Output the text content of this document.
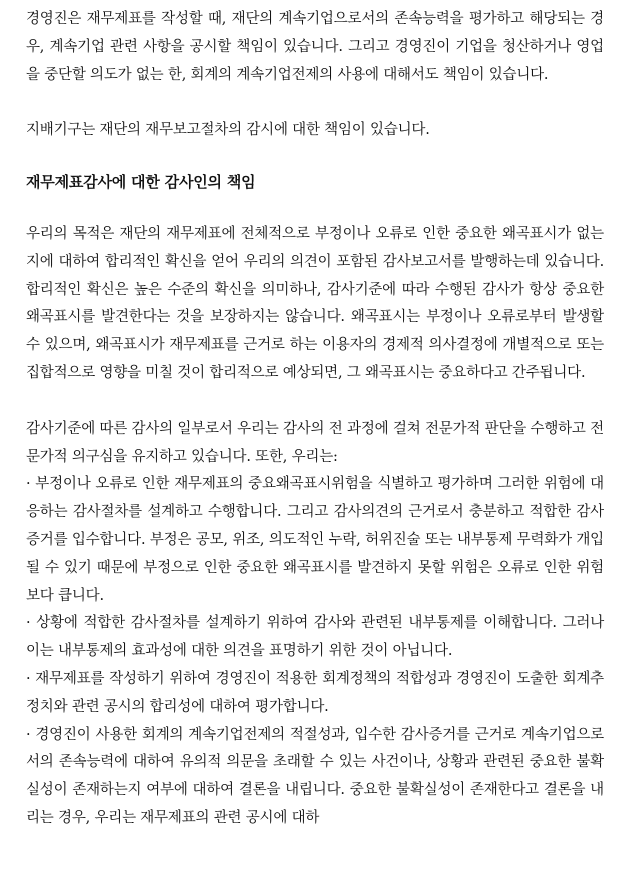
경영진은 재무제표를 작성할 때, 재단의 계속기업으로서의 존속능력을 평가하고 해당되는 경우, 계속기업 관련 사항을 공시할 책임이 있습니다. 그리고 경영진이 기업을 청산하거나 영업을 중단할 의도가 없는 한, 회계의 계속기업전제의 사용에 대해서도 책임이 있습니다.

지배기구는 재단의 재무보고절차의 감시에 대한 책임이 있습니다.

재무제표감사에 대한 감사인의 책임

우리의 목적은 재단의 재무제표에 전체적으로 부정이나 오류로 인한 중요한 왜곡표시가 없는지에 대하여 합리적인 확신을 얻어 우리의 의견이 포함된 감사보고서를 발행하는데 있습니다. 합리적인 확신은 높은 수준의 확신을 의미하나, 감사기준에 따라 수행된 감사가 항상 중요한 왜곡표시를 발견한다는 것을 보장하지는 않습니다. 왜곡표시는 부정이나 오류로부터 발생할 수 있으며, 왜곡표시가 재무제표를 근거로 하는 이용자의 경제적 의사결정에 개별적으로 또는 집합적으로 영향을 미칠 것이 합리적으로 예상되면, 그 왜곡표시는 중요하다고 간주됩니다.

감사기준에 따른 감사의 일부로서 우리는 감사의 전 과정에 걸쳐 전문가적 판단을 수행하고 전문가적 의구심을 유지하고 있습니다. 또한, 우리는:

· 부정이나 오류로 인한 재무제표의 중요왜곡표시위험을 식별하고 평가하며 그러한 위험에 대응하는 감사절차를 설계하고 수행합니다. 그리고 감사의견의 근거로서 충분하고 적합한 감사증거를 입수합니다. 부정은 공모, 위조, 의도적인 누락, 허위진술 또는 내부통제 무력화가 개입될 수 있기 때문에 부정으로 인한 중요한 왜곡표시를 발견하지 못할 위험은 오류로 인한 위험보다 큽니다.

· 상황에 적합한 감사절차를 설계하기 위하여 감사와 관련된 내부통제를 이해합니다. 그러나 이는 내부통제의 효과성에 대한 의견을 표명하기 위한 것이 아닙니다.

· 재무제표를 작성하기 위하여 경영진이 적용한 회계정책의 적합성과 경영진이 도출한 회계추정치와 관련 공시의 합리성에 대하여 평가합니다.

· 경영진이 사용한 회계의 계속기업전제의 적절성과, 입수한 감사증거를 근거로 계속기업으로서의 존속능력에 대하여 유의적 의문을 초래할 수 있는 사건이나, 상황과 관련된 중요한 불확실성이 존재하는지 여부에 대하여 결론을 내립니다. 중요한 불확실성이 존재한다고 결론을 내리는 경우, 우리는 재무제표의 관련 공시에 대하
